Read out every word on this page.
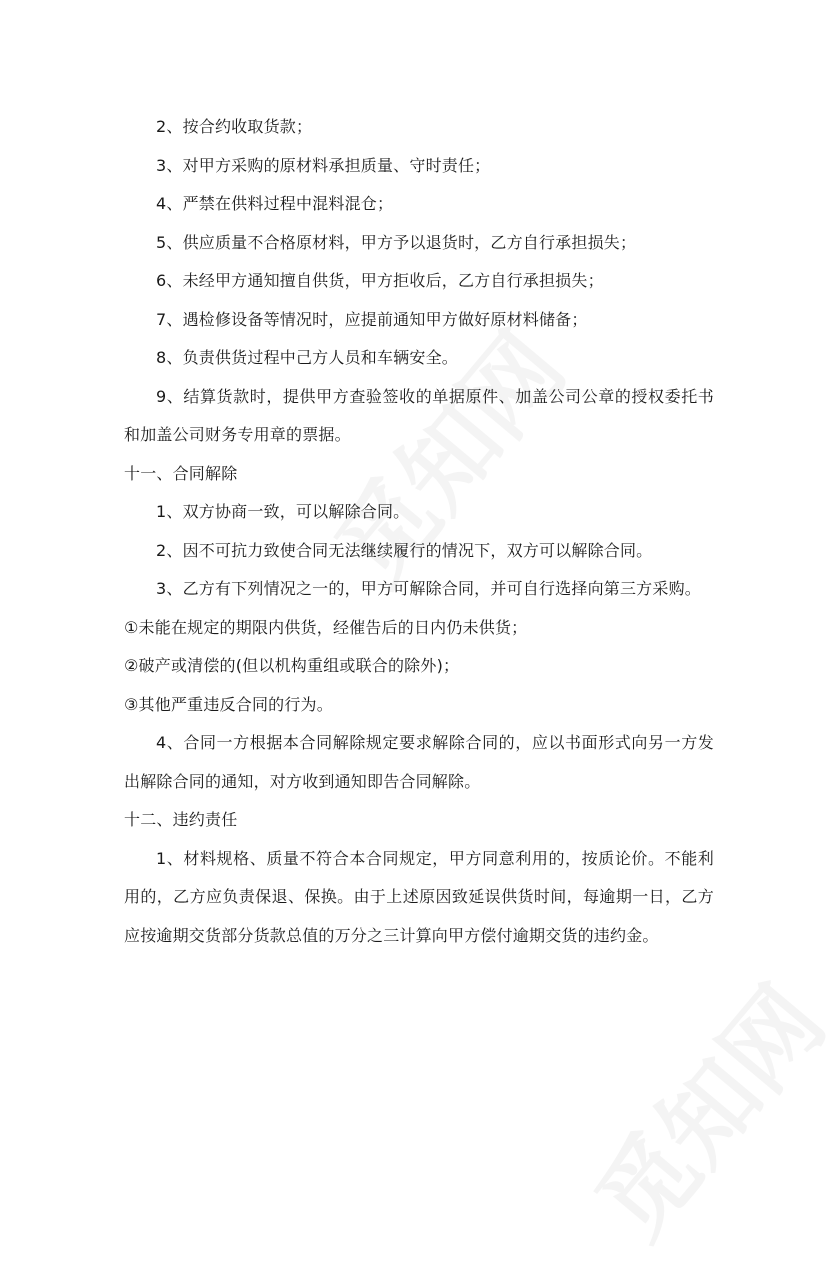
2、按合约收取货款；

3、对甲方采购的原材料承担质量、守时责任；

4、严禁在供料过程中混料混仓；

5、供应质量不合格原材料，甲方予以退货时，乙方自行承担损失；

6、未经甲方通知擅自供货，甲方拒收后，乙方自行承担损失；

7、遇检修设备等情况时，应提前通知甲方做好原材料储备；

8、负责供货过程中己方人员和车辆安全。

9、结算货款时，提供甲方查验签收的单据原件、加盖公司公章的授权委托书和加盖公司财务专用章的票据。

十一、合同解除

1、双方协商一致，可以解除合同。

2、因不可抗力致使合同无法继续履行的情况下，双方可以解除合同。

3、乙方有下列情况之一的，甲方可解除合同，并可自行选择向第三方采购。

①未能在规定的期限内供货，经催告后的日内仍未供货；

②破产或清偿的(但以机构重组或联合的除外)；

③其他严重违反合同的行为。

4、合同一方根据本合同解除规定要求解除合同的，应以书面形式向另一方发出解除合同的通知，对方收到通知即告合同解除。

十二、违约责任

1、材料规格、质量不符合本合同规定，甲方同意利用的，按质论价。不能利用的，乙方应负责保退、保换。由于上述原因致延误供货时间，每逾期一日，乙方应按逾期交货部分货款总值的万分之三计算向甲方偿付逾期交货的违约金。
